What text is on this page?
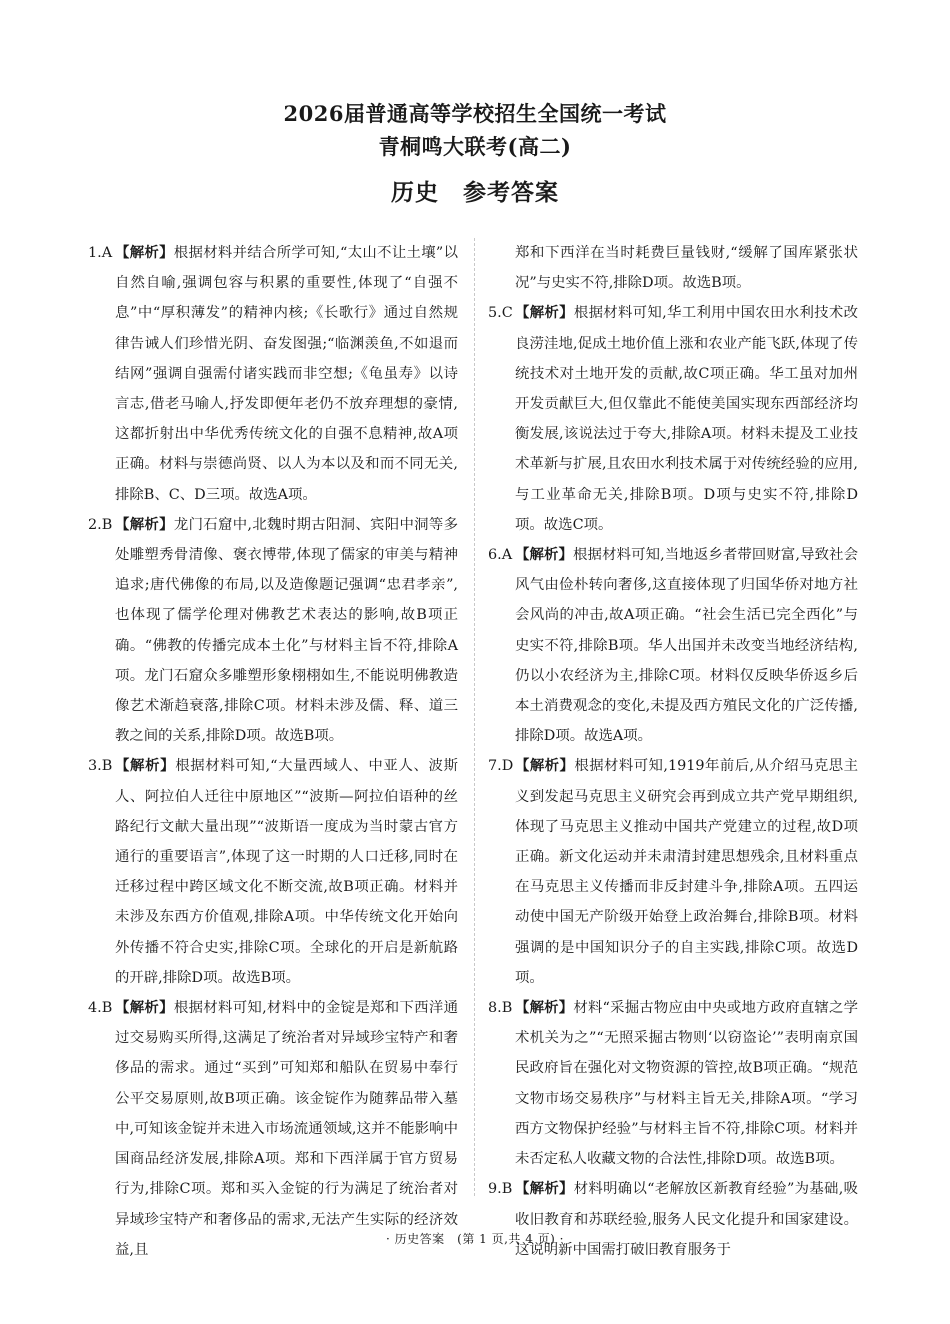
2026届普通高等学校招生全国统一考试
青桐鸣大联考(高二)
历史　参考答案

1.A 【解析】根据材料并结合所学可知,“太山不让土壤”以自然自喻,强调包容与积累的重要性,体现了“自强不息”中“厚积薄发”的精神内核;《长歌行》通过自然规律告诫人们珍惜光阴、奋发图强;“临渊羡鱼,不如退而结网”强调自强需付诸实践而非空想;《龟虽寿》以诗言志,借老马喻人,抒发即便年老仍不放弃理想的豪情,这都折射出中华优秀传统文化的自强不息精神,故A项正确。材料与崇德尚贤、以人为本以及和而不同无关,排除B、C、D三项。故选A项。

2.B 【解析】龙门石窟中,北魏时期古阳洞、宾阳中洞等多处雕塑秀骨清像、褒衣博带,体现了儒家的审美与精神追求;唐代佛像的布局,以及造像题记强调“忠君孝亲”,也体现了儒学伦理对佛教艺术表达的影响,故B项正确。“佛教的传播完成本土化”与材料主旨不符,排除A项。龙门石窟众多雕塑形象栩栩如生,不能说明佛教造像艺术渐趋衰落,排除C项。材料未涉及儒、释、道三教之间的关系,排除D项。故选B项。

3.B 【解析】根据材料可知,“大量西域人、中亚人、波斯人、阿拉伯人迁往中原地区”“波斯—阿拉伯语种的丝路纪行文献大量出现”“波斯语一度成为当时蒙古官方通行的重要语言”,体现了这一时期的人口迁移,同时在迁移过程中跨区域文化不断交流,故B项正确。材料并未涉及东西方价值观,排除A项。中华传统文化开始向外传播不符合史实,排除C项。全球化的开启是新航路的开辟,排除D项。故选B项。

4.B 【解析】根据材料可知,材料中的金锭是郑和下西洋通过交易购买所得,这满足了统治者对异域珍宝特产和奢侈品的需求。通过“买到”可知郑和船队在贸易中奉行公平交易原则,故B项正确。该金锭作为随葬品带入墓中,可知该金锭并未进入市场流通领域,这并不能影响中国商品经济发展,排除A项。郑和下西洋属于官方贸易行为,排除C项。郑和买入金锭的行为满足了统治者对异域珍宝特产和奢侈品的需求,无法产生实际的经济效益,且

郑和下西洋在当时耗费巨量钱财,“缓解了国库紧张状况”与史实不符,排除D项。故选B项。

5.C 【解析】根据材料可知,华工利用中国农田水利技术改良涝洼地,促成土地价值上涨和农业产能飞跃,体现了传统技术对土地开发的贡献,故C项正确。华工虽对加州开发贡献巨大,但仅靠此不能使美国实现东西部经济均衡发展,该说法过于夸大,排除A项。材料未提及工业技术革新与扩展,且农田水利技术属于对传统经验的应用,与工业革命无关,排除B项。D项与史实不符,排除D项。故选C项。

6.A 【解析】根据材料可知,当地返乡者带回财富,导致社会风气由俭朴转向奢侈,这直接体现了归国华侨对地方社会风尚的冲击,故A项正确。“社会生活已完全西化”与史实不符,排除B项。华人出国并未改变当地经济结构,仍以小农经济为主,排除C项。材料仅反映华侨返乡后本土消费观念的变化,未提及西方殖民文化的广泛传播,排除D项。故选A项。

7.D 【解析】根据材料可知,1919年前后,从介绍马克思主义到发起马克思主义研究会再到成立共产党早期组织,体现了马克思主义推动中国共产党建立的过程,故D项正确。新文化运动并未肃清封建思想残余,且材料重点在马克思主义传播而非反封建斗争,排除A项。五四运动使中国无产阶级开始登上政治舞台,排除B项。材料强调的是中国知识分子的自主实践,排除C项。故选D项。

8.B 【解析】材料“采掘古物应由中央或地方政府直辖之学术机关为之”“无照采掘古物则‘以窃盗论’”表明南京国民政府旨在强化对文物资源的管控,故B项正确。“规范文物市场交易秩序”与材料主旨无关,排除A项。“学习西方文物保护经验”与材料主旨不符,排除C项。材料并未否定私人收藏文物的合法性,排除D项。故选B项。

9.B 【解析】材料明确以“老解放区新教育经验”为基础,吸收旧教育和苏联经验,服务人民文化提升和国家建设。这说明新中国需打破旧教育服务于

· 历史答案　(第 1 页,共 4 页) ·
